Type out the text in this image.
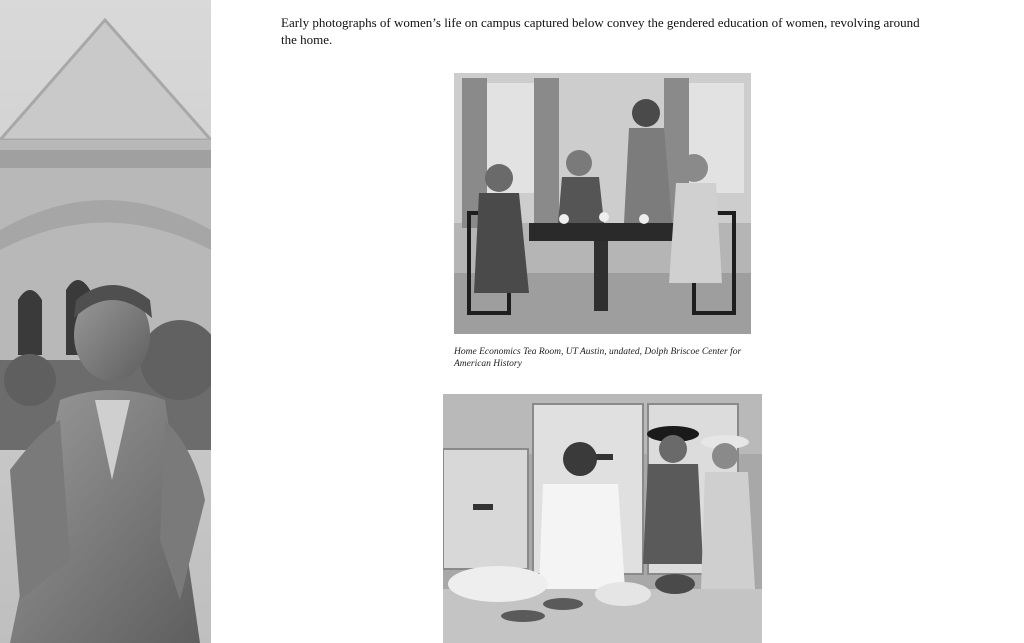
Early photographs of women’s life on campus captured below convey the gendered education of women, revolving around the home.
Home Economics Tea Room, UT Austin, undated, Dolph Briscoe Center for American History
